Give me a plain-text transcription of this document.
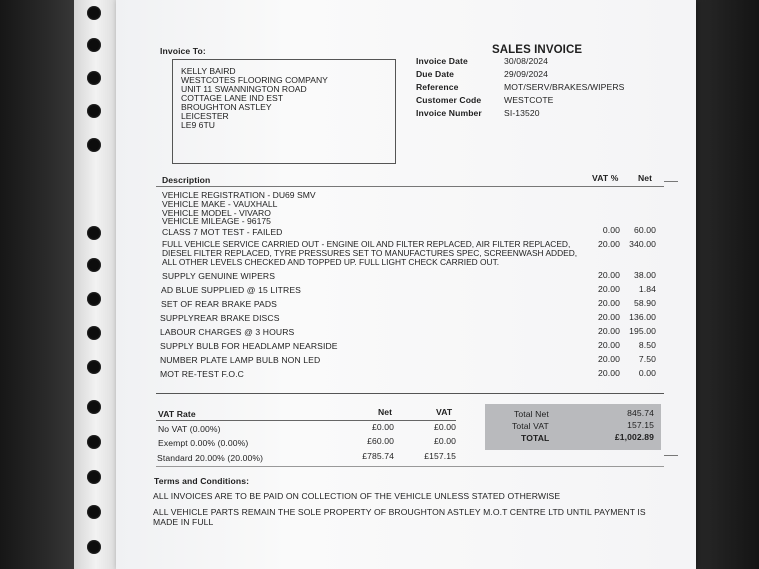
Invoice To:	SALES INVOICE
KELLY BAIRD
WESTCOTES FLOORING COMPANY
UNIT 11 SWANNINGTON ROAD
COTTAGE LANE IND EST
BROUGHTON ASTLEY
LEICESTER
LE9 6TU
Invoice Date	30/08/2024
Due Date	29/09/2024
Reference	MOT/SERV/BRAKES/WIPERS
Customer Code	WESTCOTE
Invoice Number	SI-13520
Description	VAT % Net
VEHICLE REGISTRATION - DU69 SMV
VEHICLE MAKE - VAUXHALL
VEHICLE MODEL - VIVARO
VEHICLE MILEAGE - 96175
CLASS 7 MOT TEST - FAILED	0.00	60.00
FULL VEHICLE SERVICE CARRIED OUT - ENGINE OIL AND FILTER REPLACED, AIR FILTER REPLACED,
DIESEL FILTER REPLACED, TYRE PRESSURES SET TO MANUFACTURES SPEC, SCREENWASH ADDED,
ALL OTHER LEVELS CHECKED AND TOPPED UP. FULL LIGHT CHECK CARRIED OUT.
20.00	340.00
SUPPLY GENUINE WIPERS	20.00	38.00
AD BLUE SUPPLIED @ 15 LITRES	20.00	1.84
SET OF REAR BRAKE PADS	20.00	58.90
SUPPLYREAR BRAKE DISCS	20.00	136.00
LABOUR CHARGES @ 3 HOURS	20.00	195.00
SUPPLY BULB FOR HEADLAMP NEARSIDE	20.00	8.50
NUMBER PLATE LAMP BULB NON LED	20.00	7.50
MOT RE-TEST F.O.C	20.00	0.00
VAT Rate	Net	VAT
No VAT (0.00%)	£0.00	£0.00
Exempt 0.00% (0.00%)	£60.00	£0.00
Standard 20.00% (20.00%)	£785.74	£157.15
Total Net	845.74
Total VAT	157.15
TOTAL	£1,002.89
Terms and Conditions:
ALL INVOICES ARE TO BE PAID ON COLLECTION OF THE VEHICLE UNLESS STATED OTHERWISE
ALL VEHICLE PARTS REMAIN THE SOLE PROPERTY OF BROUGHTON ASTLEY M.O.T CENTRE LTD UNTIL PAYMENT IS
MADE IN FULL
